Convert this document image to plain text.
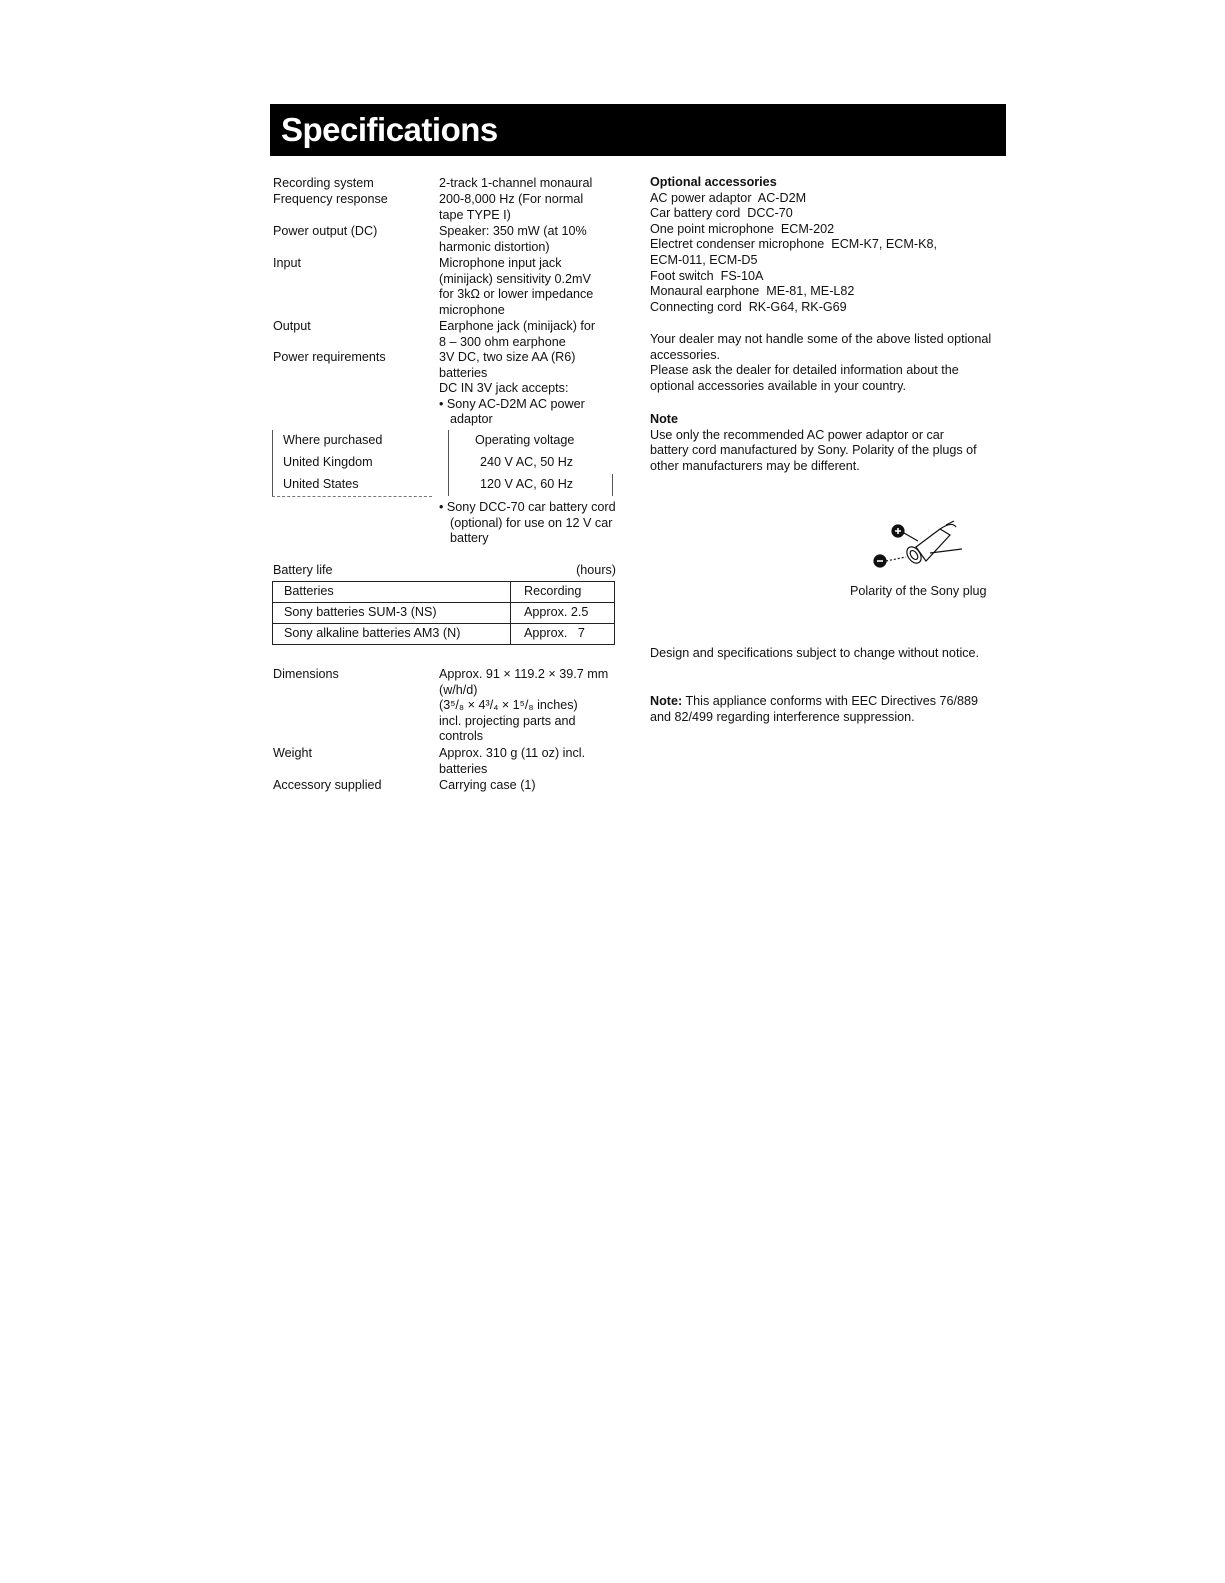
Specifications
Recording system	2-track 1-channel monaural
Frequency response	200-8,000 Hz (For normal
tape TYPE I)
Power output (DC)	Speaker: 350 mW (at 10%
harmonic distortion)
Input	Microphone input jack
(minijack) sensitivity 0.2mV
for 3kΩ or lower impedance
microphone
Output	Earphone jack (minijack) for
8 – 300 ohm earphone
Power requirements	3V DC, two size AA (R6)
batteries
DC IN 3V jack accepts:
• Sony AC-D2M AC power adaptor
Where purchased	Operating voltage
United Kingdom	240 V AC, 50 Hz
United States	120 V AC, 60 Hz
• Sony DCC-70 car battery cord (optional) for use on 12 V car battery
Battery life	(hours)
Batteries	Recording
Sony batteries SUM-3 (NS)	Approx. 2.5
Sony alkaline batteries AM3 (N)	Approx.   7
Dimensions	Approx. 91 × 119.2 × 39.7 mm
(w/h/d)
(3⁵/₈ × 4³/₄ × 1⁵/₈ inches)
incl. projecting parts and
controls
Weight	Approx. 310 g (11 oz) incl.
batteries
Accessory supplied	Carrying case (1)
Optional accessories
AC power adaptor  AC-D2M
Car battery cord  DCC-70
One point microphone  ECM-202
Electret condenser microphone  ECM-K7, ECM-K8,
ECM-011, ECM-D5
Foot switch  FS-10A
Monaural earphone  ME-81, ME-L82
Connecting cord  RK-G64, RK-G69
Your dealer may not handle some of the above listed optional accessories.
Please ask the dealer for detailed information about the optional accessories available in your country.
Note
Use only the recommended AC power adaptor or car battery cord manufactured by Sony. Polarity of the plugs of other manufacturers may be different.
Polarity of the Sony plug
Design and specifications subject to change without notice.
Note: This appliance conforms with EEC Directives 76/889 and 82/499 regarding interference suppression.
